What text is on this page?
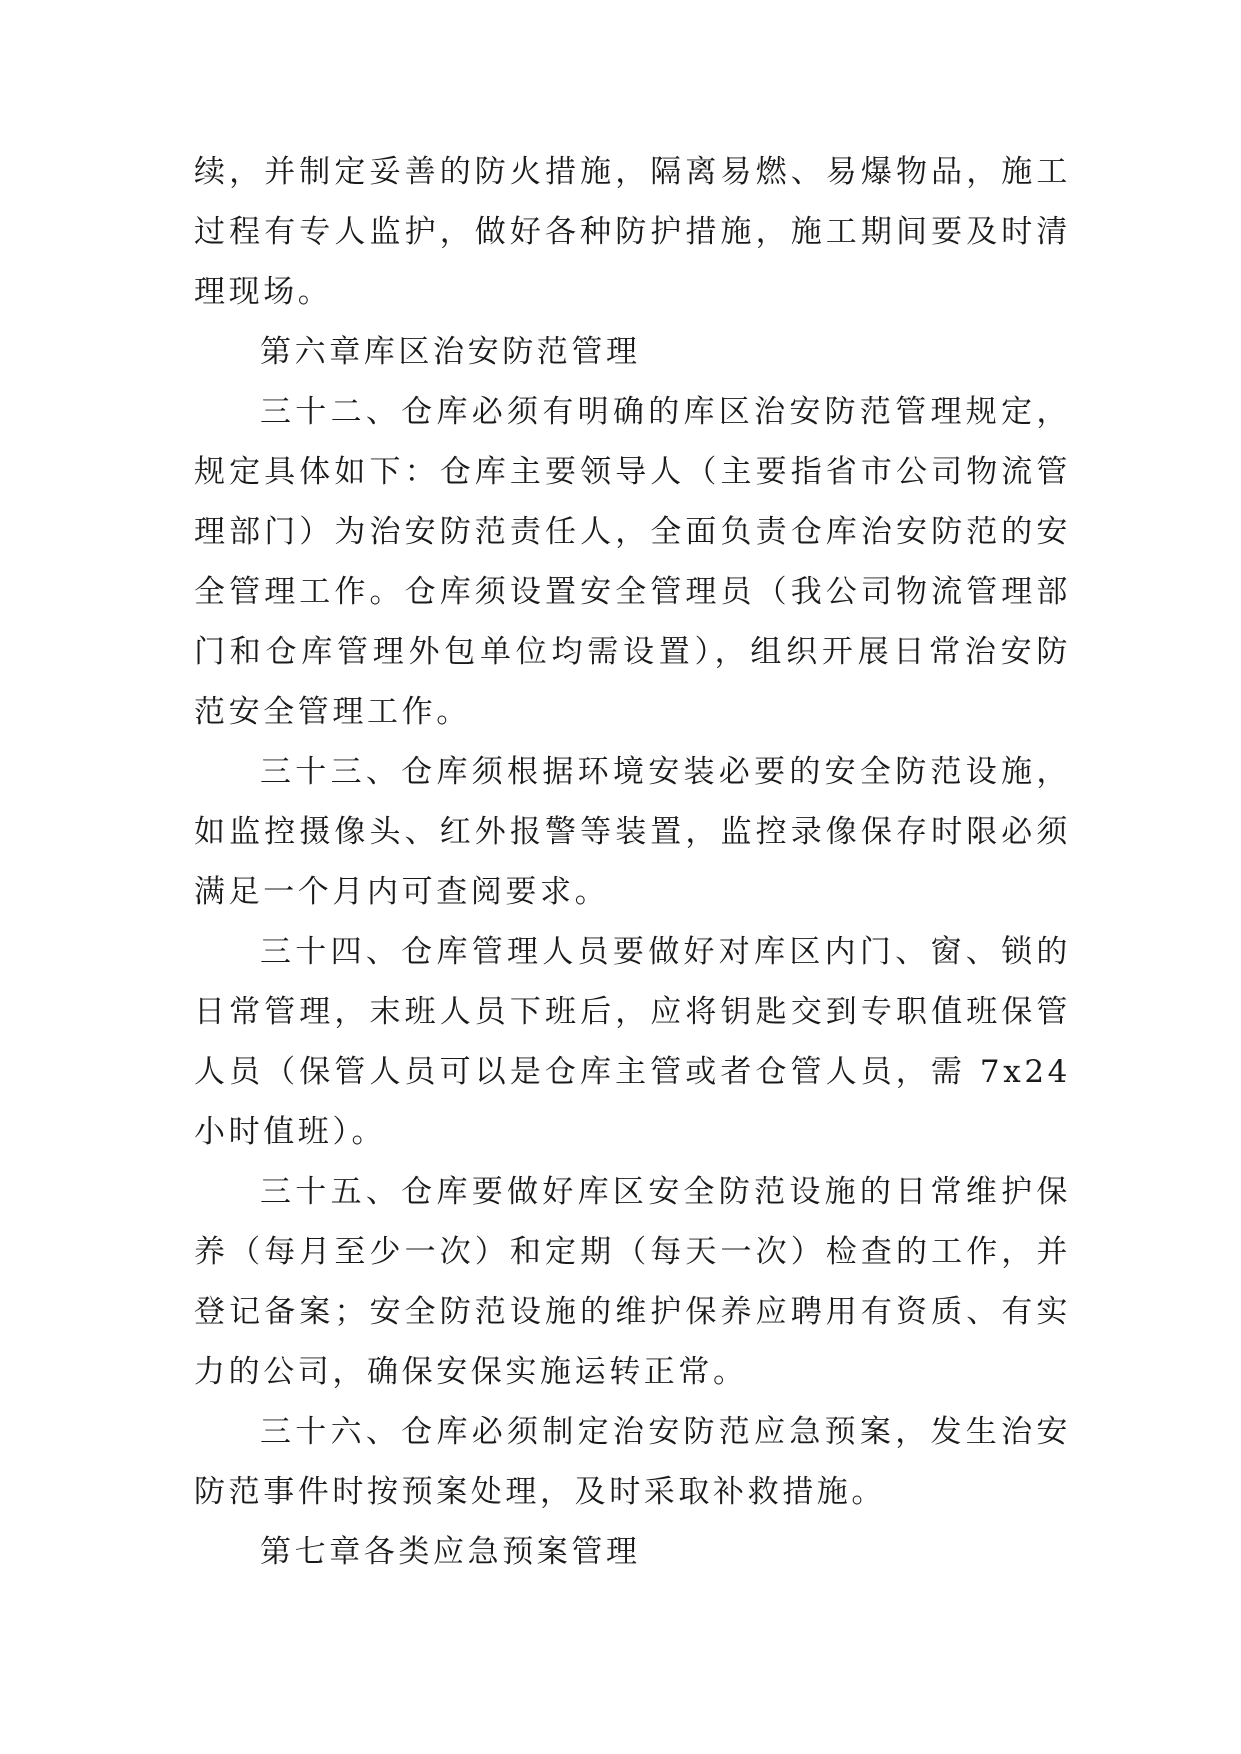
续，并制定妥善的防火措施，隔离易燃、易爆物品，施工过程有专人监护，做好各种防护措施，施工期间要及时清理现场。

第六章库区治安防范管理

三十二、仓库必须有明确的库区治安防范管理规定，规定具体如下：仓库主要领导人（主要指省市公司物流管理部门）为治安防范责任人，全面负责仓库治安防范的安全管理工作。仓库须设置安全管理员（我公司物流管理部门和仓库管理外包单位均需设置），组织开展日常治安防范安全管理工作。

三十三、仓库须根据环境安装必要的安全防范设施，如监控摄像头、红外报警等装置，监控录像保存时限必须满足一个月内可查阅要求。

三十四、仓库管理人员要做好对库区内门、窗、锁的日常管理，末班人员下班后，应将钥匙交到专职值班保管人员（保管人员可以是仓库主管或者仓管人员，需 7x24 小时值班）。

三十五、仓库要做好库区安全防范设施的日常维护保养（每月至少一次）和定期（每天一次）检查的工作，并登记备案；安全防范设施的维护保养应聘用有资质、有实力的公司，确保安保实施运转正常。

三十六、仓库必须制定治安防范应急预案，发生治安防范事件时按预案处理，及时采取补救措施。

第七章各类应急预案管理
